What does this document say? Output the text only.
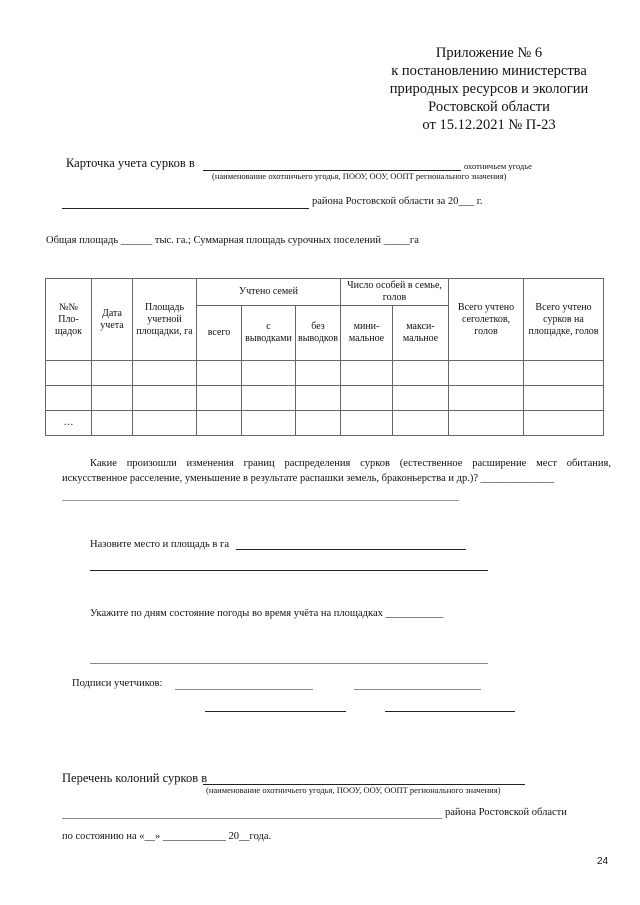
Приложение № 6
к постановлению министерства
природных ресурсов и экологии
Ростовской области
от 15.12.2021 № П-23
Карточка учета сурков в	охотничьем угодье
(наименование охотничьего угодья, ПООУ, ООУ, ООПТ регионального значения)
района Ростовской области за 20___ г.
Общая площадь ______ тыс. га.; Суммарная площадь сурочных поселений _____га
№№ Пло-щадок	Дата учета	Площадь учетной площадки, га	Учтено семей			Число особей в семье, голов		Всего учтено сеголетков, голов	Всего учтено сурков на площадке, голов
			всего	с выводками	без выводков	мини-мальное	макси-мальное		

…									
Какие произошли изменения границ распределения сурков (естественное расширение мест обитания, искусственное расселение, уменьшение в результате распашки земель, браконьерства и др.)? ______________
Назовите место и площадь в га
Укажите по дням состояние погоды во время учёта на площадках ___________
Подписи учетчиков:
Перечень колоний сурков в
(наименование охотничьего угодья, ПООУ, ООУ, ООПТ регионального значения)
района Ростовской области
по состоянию на «__» ____________ 20__года.
24
